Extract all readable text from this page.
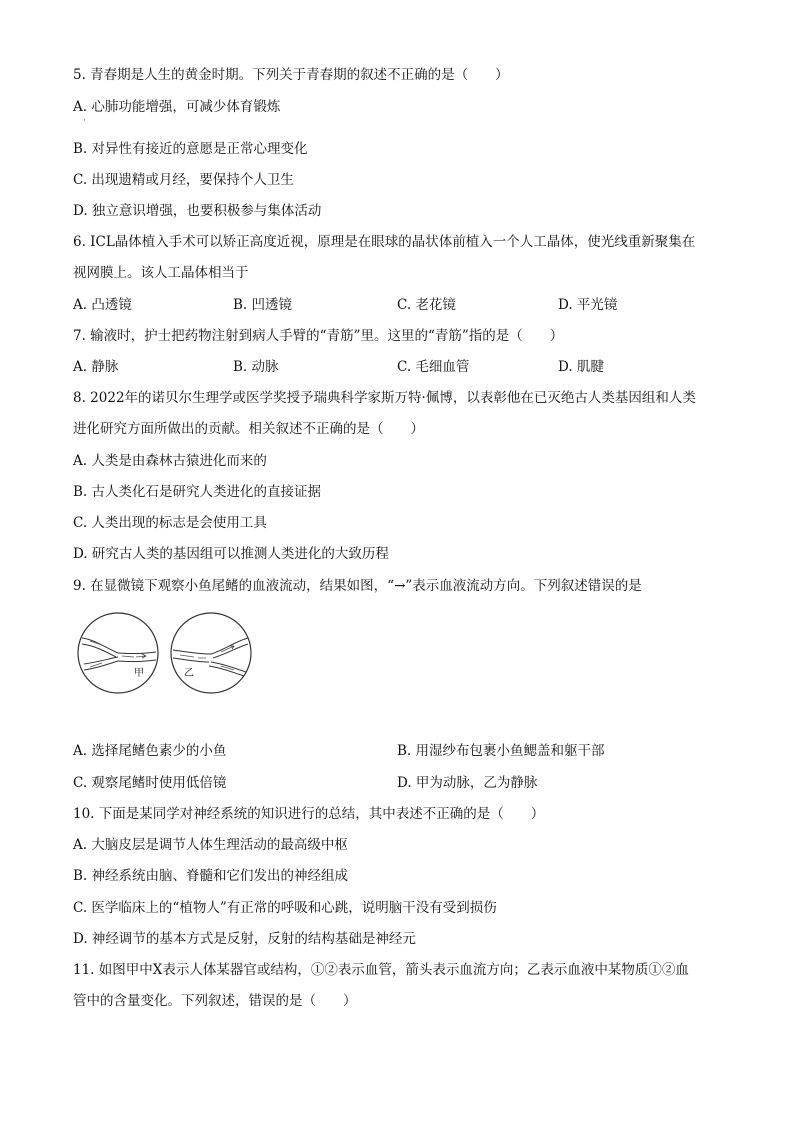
5. 青春期是人生的黄金时期。下列关于青春期的叙述不正确的是（　　）
A. 心肺功能增强，可减少体育锻炼
·
B. 对异性有接近的意愿是正常心理变化
C. 出现遗精或月经，要保持个人卫生
D. 独立意识增强，也要积极参与集体活动
6. ICL晶体植入手术可以矫正高度近视，原理是在眼球的晶状体前植入一个人工晶体，使光线重新聚集在
视网膜上。该人工晶体相当于
A. 凸透镜	B. 凹透镜	C. 老花镜	D. 平光镜
7. 输液时，护士把药物注射到病人手臂的“青筋”里。这里的“青筋”指的是（　　）
A. 静脉	B. 动脉	C. 毛细血管	D. 肌腱
8. 2022年的诺贝尔生理学或医学奖授予瑞典科学家斯万特·佩博，以表彰他在已灭绝古人类基因组和人类
进化研究方面所做出的贡献。相关叙述不正确的是（　　）
A. 人类是由森林古猿进化而来的
B. 古人类化石是研究人类进化的直接证据
C. 人类出现的标志是会使用工具
D. 研究古人类的基因组可以推测人类进化的大致历程
9. 在显微镜下观察小鱼尾鳍的血液流动，结果如图，“→”表示血液流动方向。下列叙述错误的是
甲	乙
A. 选择尾鳍色素少的小鱼	B. 用湿纱布包裹小鱼鳃盖和躯干部
C. 观察尾鳍时使用低倍镜	D. 甲为动脉，乙为静脉
10. 下面是某同学对神经系统的知识进行的总结，其中表述不正确的是（　　）
A. 大脑皮层是调节人体生理活动的最高级中枢
B. 神经系统由脑、脊髓和它们发出的神经组成
C. 医学临床上的“植物人”有正常的呼吸和心跳，说明脑干没有受到损伤
D. 神经调节的基本方式是反射，反射的结构基础是神经元
11. 如图甲中X表示人体某器官或结构，①②表示血管，箭头表示血流方向；乙表示血液中某物质①②血
管中的含量变化。下列叙述，错误的是（　　）
